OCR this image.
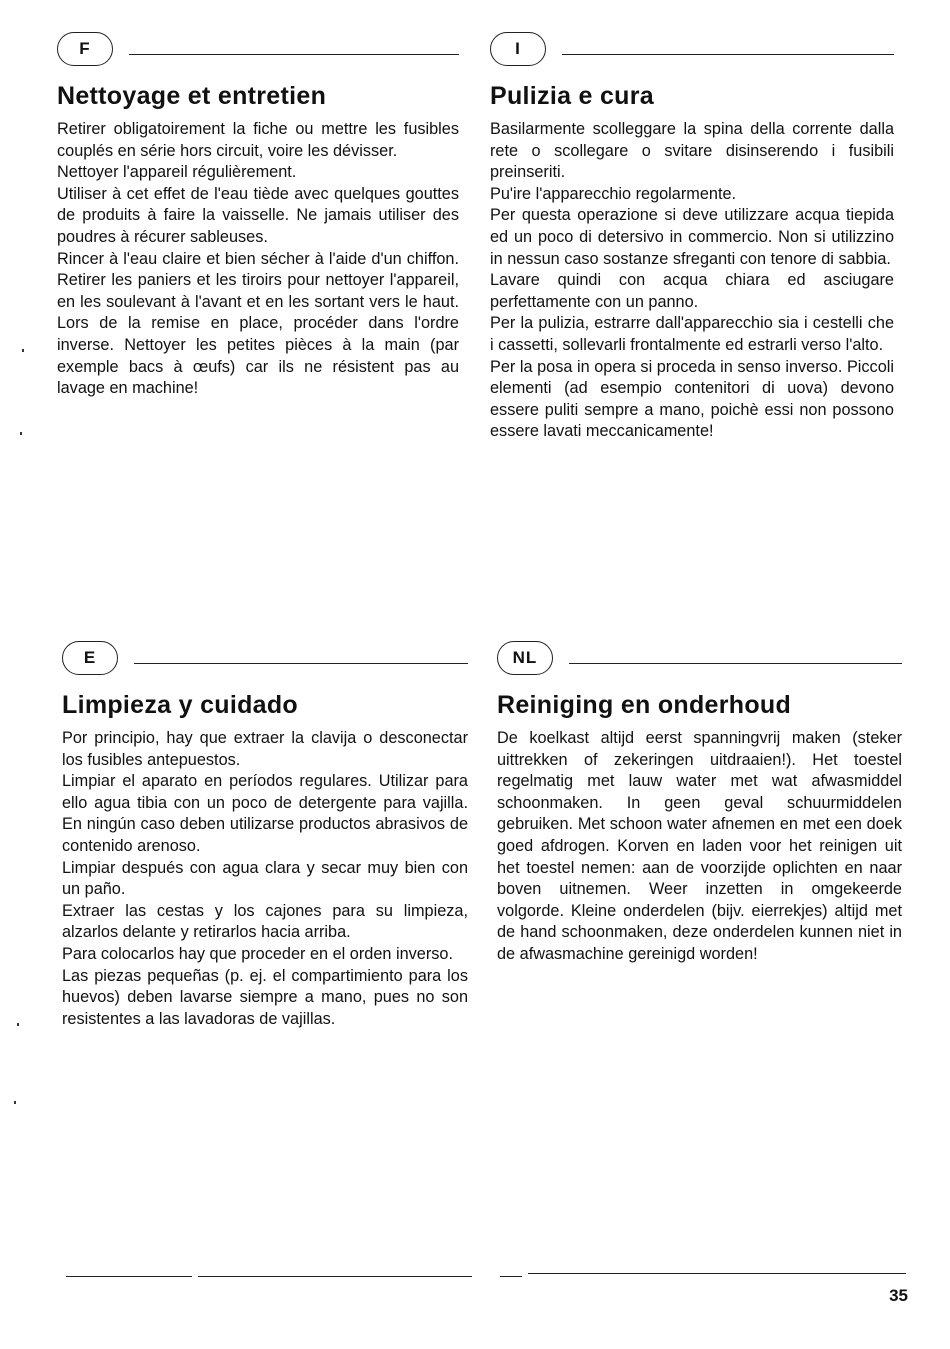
F
Nettoyage et entretien

Retirer obligatoirement la fiche ou mettre les fusibles couplés en série hors circuit, voire les dévisser.

Nettoyer l'appareil régulièrement.

Utiliser à cet effet de l'eau tiède avec quelques gouttes de produits à faire la vaisselle. Ne jamais utiliser des poudres à récurer sableuses.

Rincer à l'eau claire et bien sécher à l'aide d'un chiffon. Retirer les paniers et les tiroirs pour nettoyer l'appareil, en les soulevant à l'avant et en les sortant vers le haut. Lors de la remise en place, procéder dans l'ordre inverse. Nettoyer les petites pièces à la main (par exemple bacs à œufs) car ils ne résistent pas au lavage en machine!

I
Pulizia e cura

Basilarmente scolleggare la spina della corrente dalla rete o scollegare o svitare disinserendo i fusibili preinseriti.

Pu'ire l'apparecchio regolarmente.

Per questa operazione si deve utilizzare acqua tiepida ed un poco di detersivo in commercio. Non si utilizzino in nessun caso sostanze sfreganti con tenore di sabbia.

Lavare quindi con acqua chiara ed asciugare perfettamente con un panno.

Per la pulizia, estrarre dall'apparecchio sia i cestelli che i cassetti, sollevarli frontalmente ed estrarli verso l'alto.

Per la posa in opera si proceda in senso inverso. Piccoli elementi (ad esempio contenitori di uova) devono essere puliti sempre a mano, poichè essi non possono essere lavati meccanicamente!

E
Limpieza y cuidado

Por principio, hay que extraer la clavija o desconectar los fusibles antepuestos.

Limpiar el aparato en períodos regulares. Utilizar para ello agua tibia con un poco de detergente para vajilla. En ningún caso deben utilizarse productos abrasivos de contenido arenoso.

Limpiar después con agua clara y secar muy bien con un paño.

Extraer las cestas y los cajones para su limpieza, alzarlos delante y retirarlos hacia arriba.

Para colocarlos hay que proceder en el orden inverso.

Las piezas pequeñas (p. ej. el compartimiento para los huevos) deben lavarse siempre a mano, pues no son resistentes a las lavadoras de vajillas.

NL
Reiniging en onderhoud

De koelkast altijd eerst spanningvrij maken (steker uittrekken of zekeringen uitdraaien!). Het toestel regelmatig met lauw water met wat afwasmiddel schoonmaken. In geen geval schuurmiddelen gebruiken. Met schoon water afnemen en met een doek goed afdrogen. Korven en laden voor het reinigen uit het toestel nemen: aan de voorzijde oplichten en naar boven uitnemen. Weer inzetten in omgekeerde volgorde. Kleine onderdelen (bijv. eierrekjes) altijd met de hand schoonmaken, deze onderdelen kunnen niet in de afwasmachine gereinigd worden!

35
